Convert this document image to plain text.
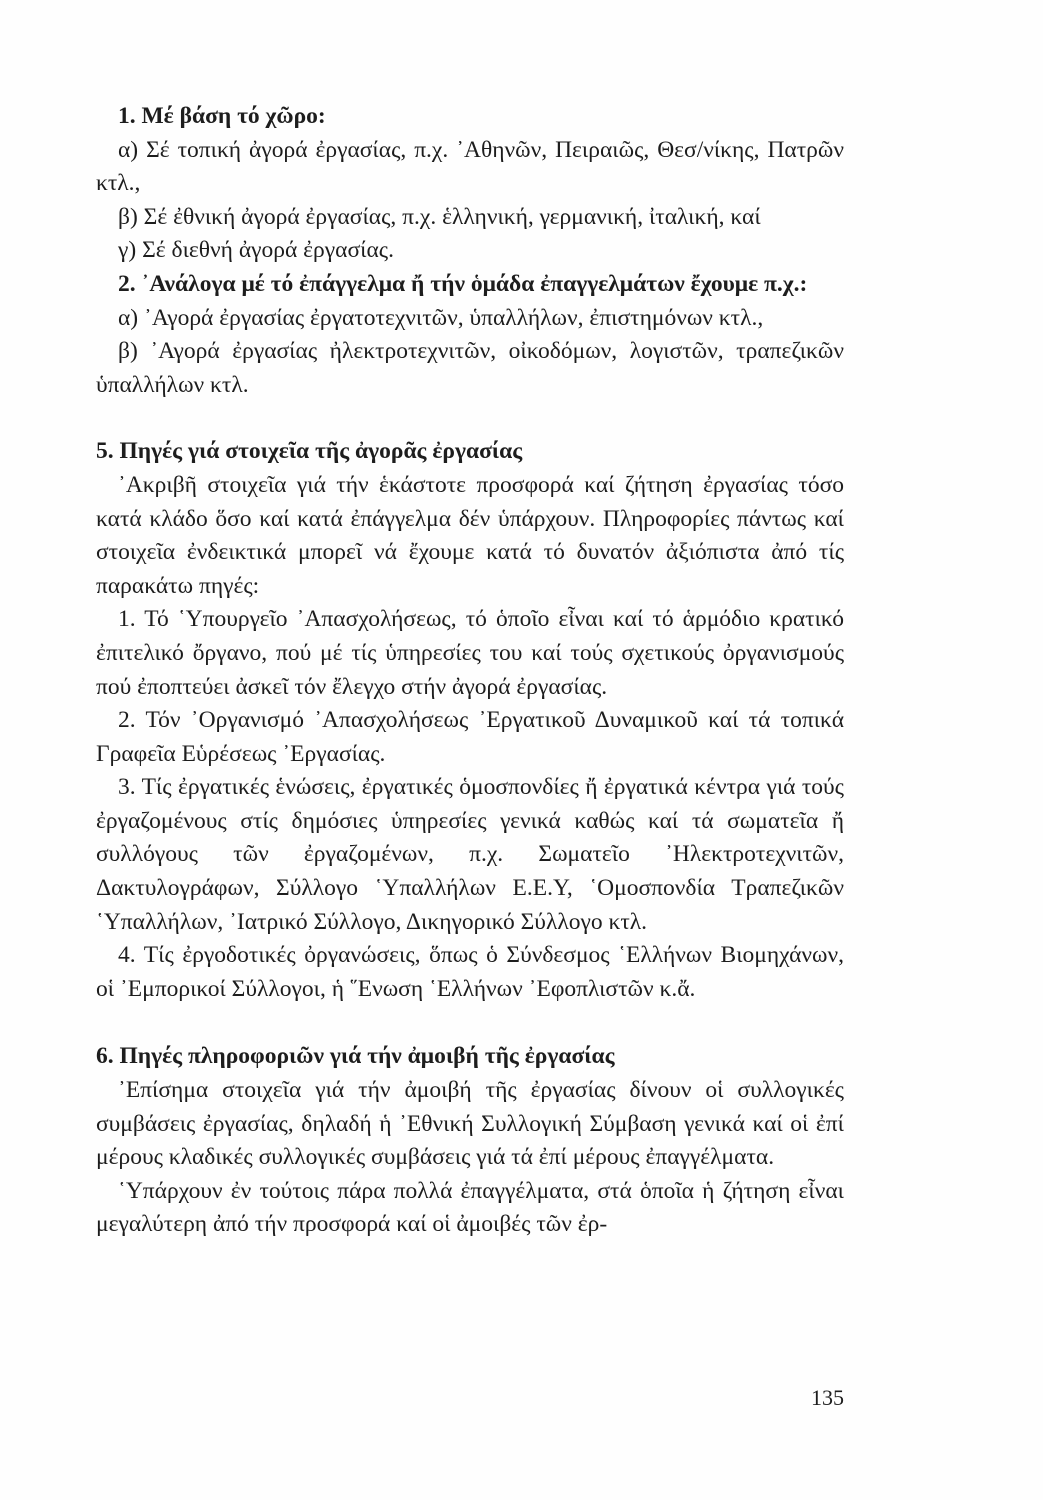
1. Μέ βάση τό χῶρο:

α) Σέ τοπική ἀγορά ἐργασίας, π.χ. ᾽Αθηνῶν, Πειραιῶς, Θεσ/νίκης, Πατρῶν κτλ.,

β) Σέ ἐθνική ἀγορά ἐργασίας, π.χ. ἑλληνική, γερμανική, ἰταλική, καί

γ) Σέ διεθνή ἀγορά ἐργασίας.

2. ᾽Ανάλογα μέ τό ἐπάγγελμα ἤ τήν ὁμάδα ἐπαγγελμάτων ἔχουμε π.χ.:

α) ᾽Αγορά ἐργασίας ἐργατοτεχνιτῶν, ὑπαλλήλων, ἐπιστημόνων κτλ.,

β) ᾽Αγορά ἐργασίας ἠλεκτροτεχνιτῶν, οἰκοδόμων, λογιστῶν, τραπεζικῶν ὑπαλλήλων κτλ.

5. Πηγές γιά στοιχεῖα τῆς ἀγορᾶς ἐργασίας

᾽Ακριβῆ στοιχεῖα γιά τήν ἑκάστοτε προσφορά καί ζήτηση ἐργασίας τόσο κατά κλάδο ὅσο καί κατά ἐπάγγελμα δέν ὑπάρχουν. Πληροφορίες πάντως καί στοιχεῖα ἐνδεικτικά μπορεῖ νά ἔχουμε κατά τό δυνατόν ἀξιόπιστα ἀπό τίς παρακάτω πηγές:

1. Τό ῾Υπουργεῖο ᾽Απασχολήσεως, τό ὁποῖο εἶναι καί τό ἁρμόδιο κρατικό ἐπιτελικό ὄργανο, πού μέ τίς ὑπηρεσίες του καί τούς σχετικούς ὀργανισμούς πού ἐποπτεύει ἀσκεῖ τόν ἔλεγχο στήν ἀγορά ἐργασίας.

2. Τόν ᾽Οργανισμό ᾽Απασχολήσεως ᾽Εργατικοῦ Δυναμικοῦ καί τά τοπικά Γραφεῖα Εὑρέσεως ᾽Εργασίας.

3. Τίς ἐργατικές ἑνώσεις, ἐργατικές ὁμοσπονδίες ἤ ἐργατικά κέντρα γιά τούς ἐργαζομένους στίς δημόσιες ὑπηρεσίες γενικά καθώς καί τά σωματεῖα ἤ συλλόγους τῶν ἐργαζομένων, π.χ. Σωματεῖο ᾽Ηλεκτροτεχνιτῶν, Δακτυλογράφων, Σύλλογο ῾Υπαλλήλων Ε.Ε.Υ, ῾Ομοσπονδία Τραπεζικῶν ῾Υπαλλήλων, ᾽Ιατρικό Σύλλογο, Δικηγορικό Σύλλογο κτλ.

4. Τίς ἐργοδοτικές ὀργανώσεις, ὅπως ὁ Σύνδεσμος ῾Ελλήνων Βιομηχάνων, οἱ ᾽Εμπορικοί Σύλλογοι, ἡ ῞Ενωση ῾Ελλήνων ᾽Εφοπλιστῶν κ.ἄ.

6. Πηγές πληροφοριῶν γιά τήν ἀμοιβή τῆς ἐργασίας

᾽Επίσημα στοιχεῖα γιά τήν ἀμοιβή τῆς ἐργασίας δίνουν οἱ συλλογικές συμβάσεις ἐργασίας, δηλαδή ἡ ᾽Εθνική Συλλογική Σύμβαση γενικά καί οἱ ἐπί μέρους κλαδικές συλλογικές συμβάσεις γιά τά ἐπί μέρους ἐπαγγέλματα.

῾Υπάρχουν ἐν τούτοις πάρα πολλά ἐπαγγέλματα, στά ὁποῖα ἡ ζήτηση εἶναι μεγαλύτερη ἀπό τήν προσφορά καί οἱ ἀμοιβές τῶν ἐρ-

135
